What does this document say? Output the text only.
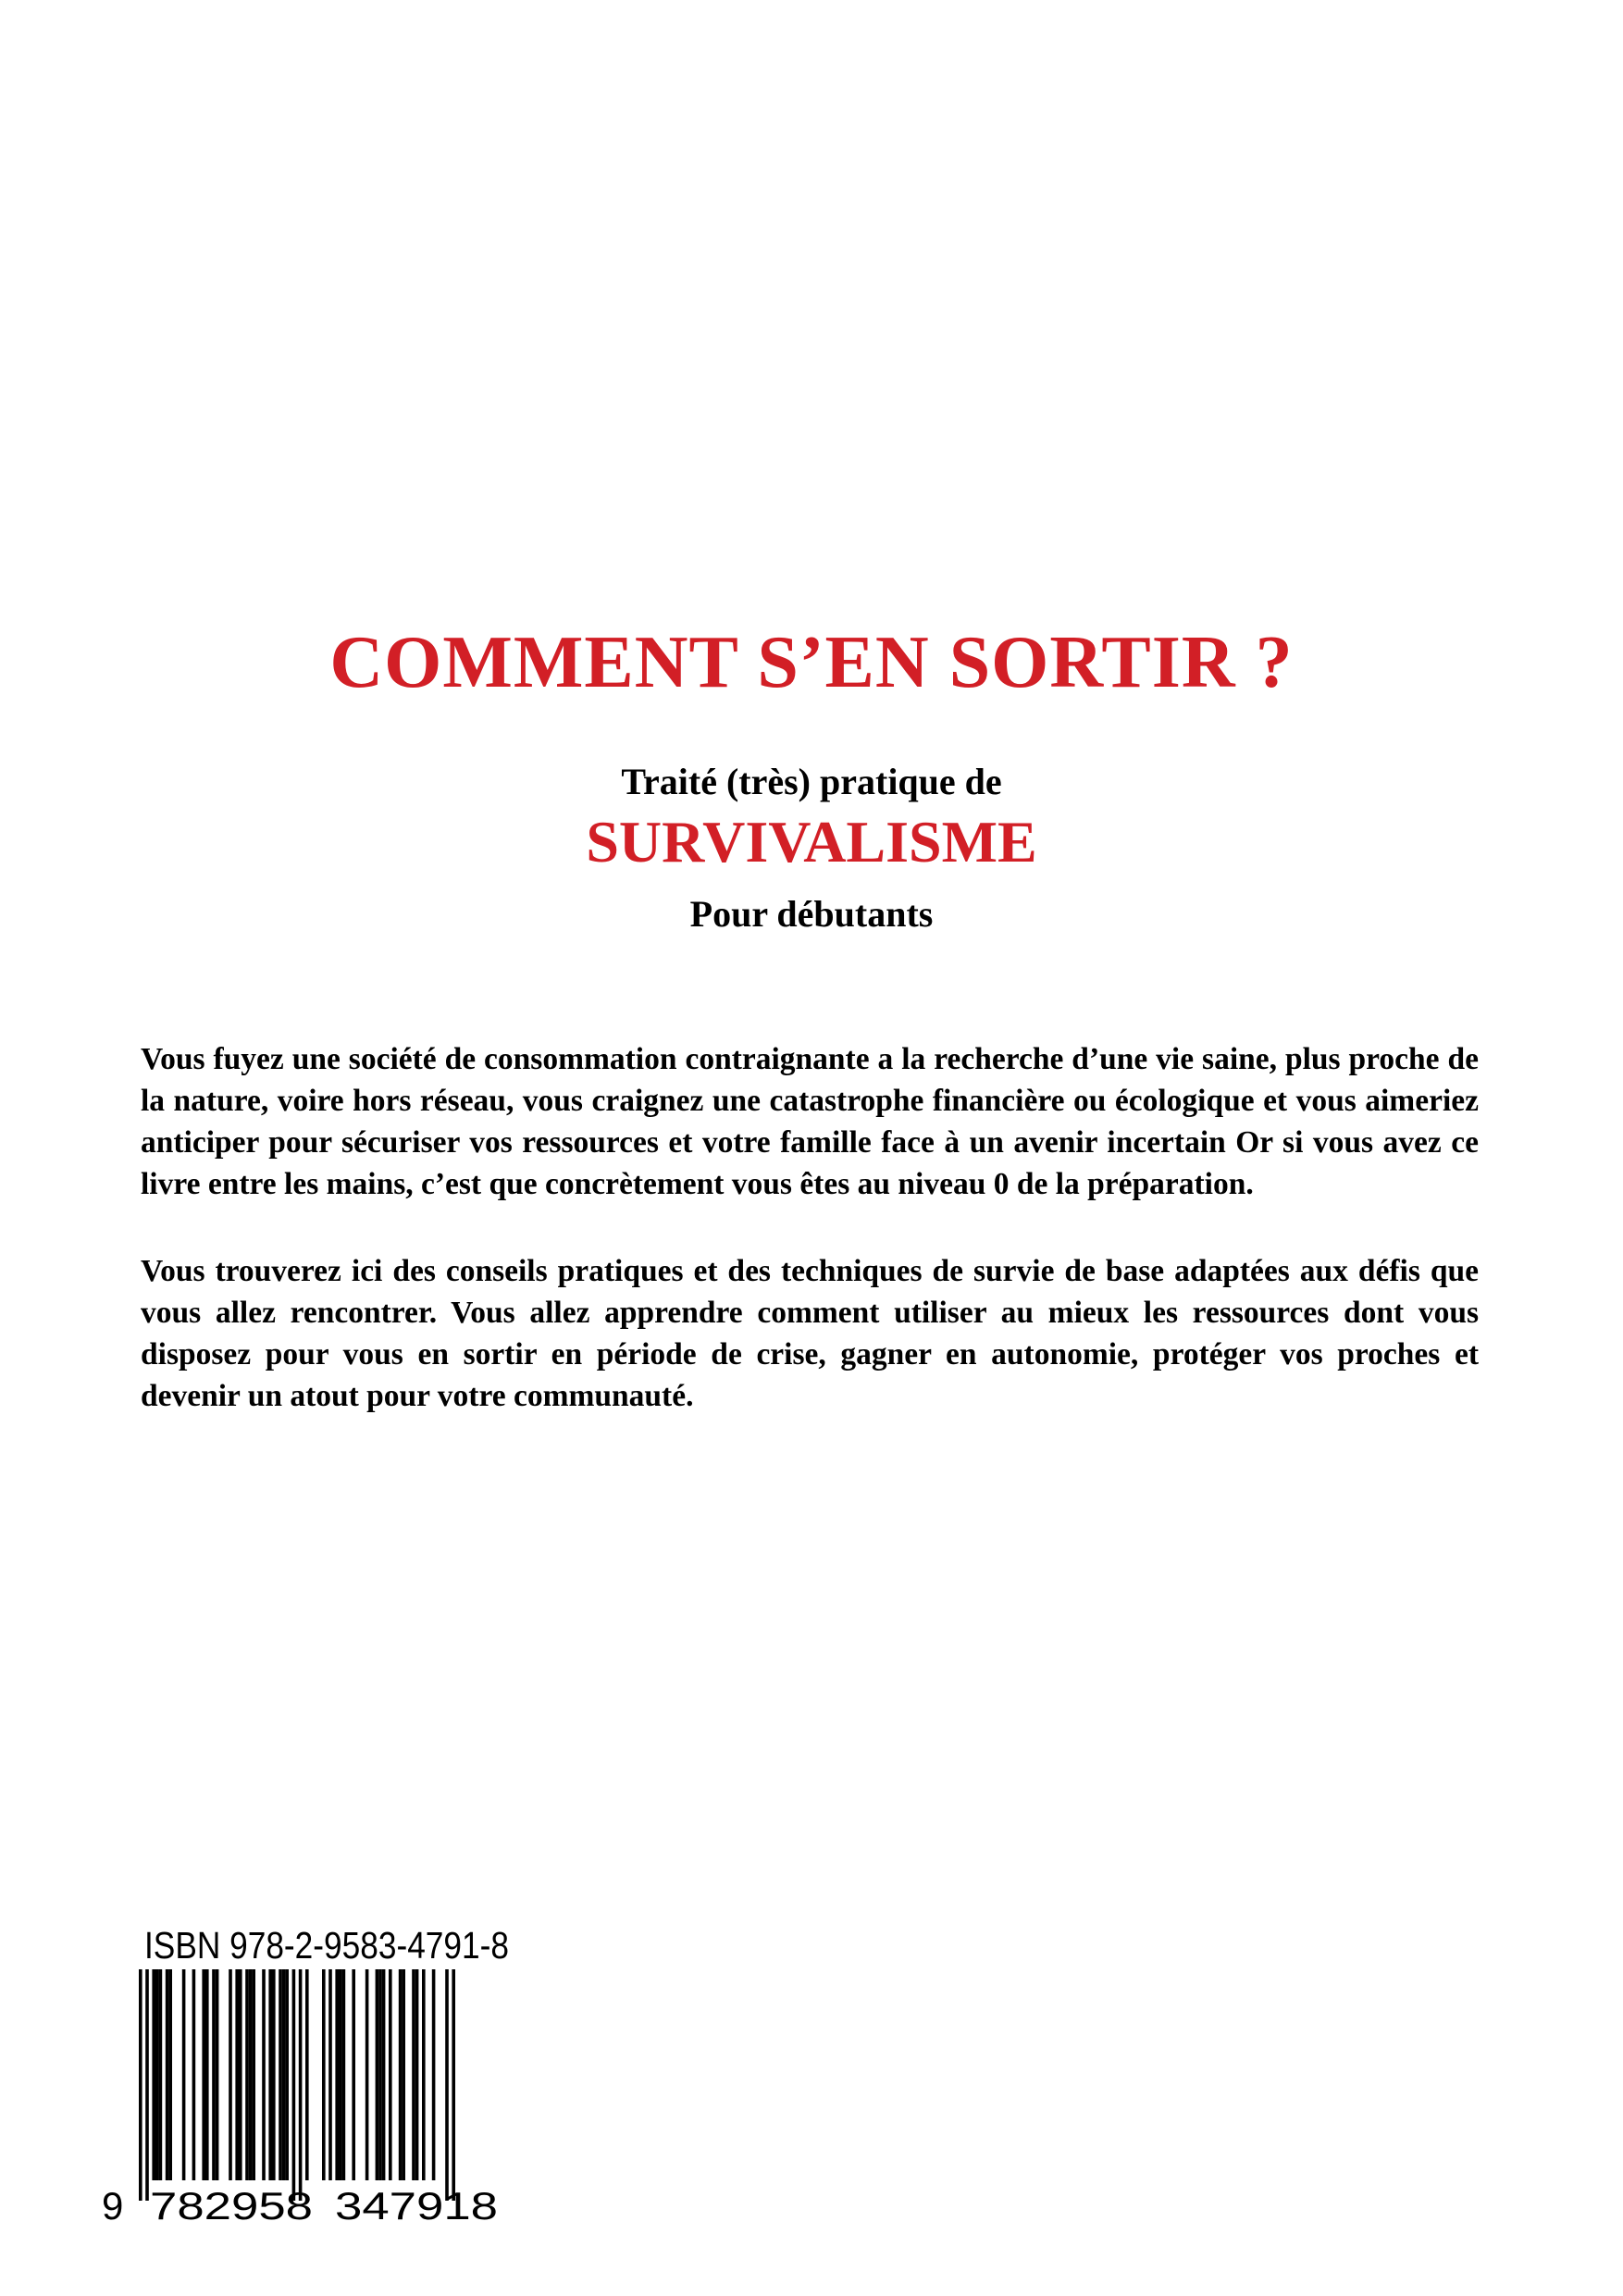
COMMENT S’EN SORTIR ?
Traité (très) pratique de
SURVIVALISME
Pour débutants

Vous fuyez une société de consommation contraignante a la recherche d’une vie saine, plus proche de la nature, voire hors réseau, vous craignez une catastrophe financière ou écologique et vous aimeriez anticiper pour sécuriser vos ressources et votre famille face à un avenir incertain Or si vous avez ce livre entre les mains, c’est que concrètement vous êtes au niveau 0 de la préparation.

Vous trouverez ici des conseils pratiques et des techniques de survie de base adaptées aux défis que vous allez rencontrer. Vous allez apprendre comment utiliser au mieux les ressources dont vous disposez pour vous en sortir en période de crise, gagner en autonomie, protéger vos proches et devenir un atout pour votre communauté.

ISBN 978-2-9583-4791-8
9 782958 347918
